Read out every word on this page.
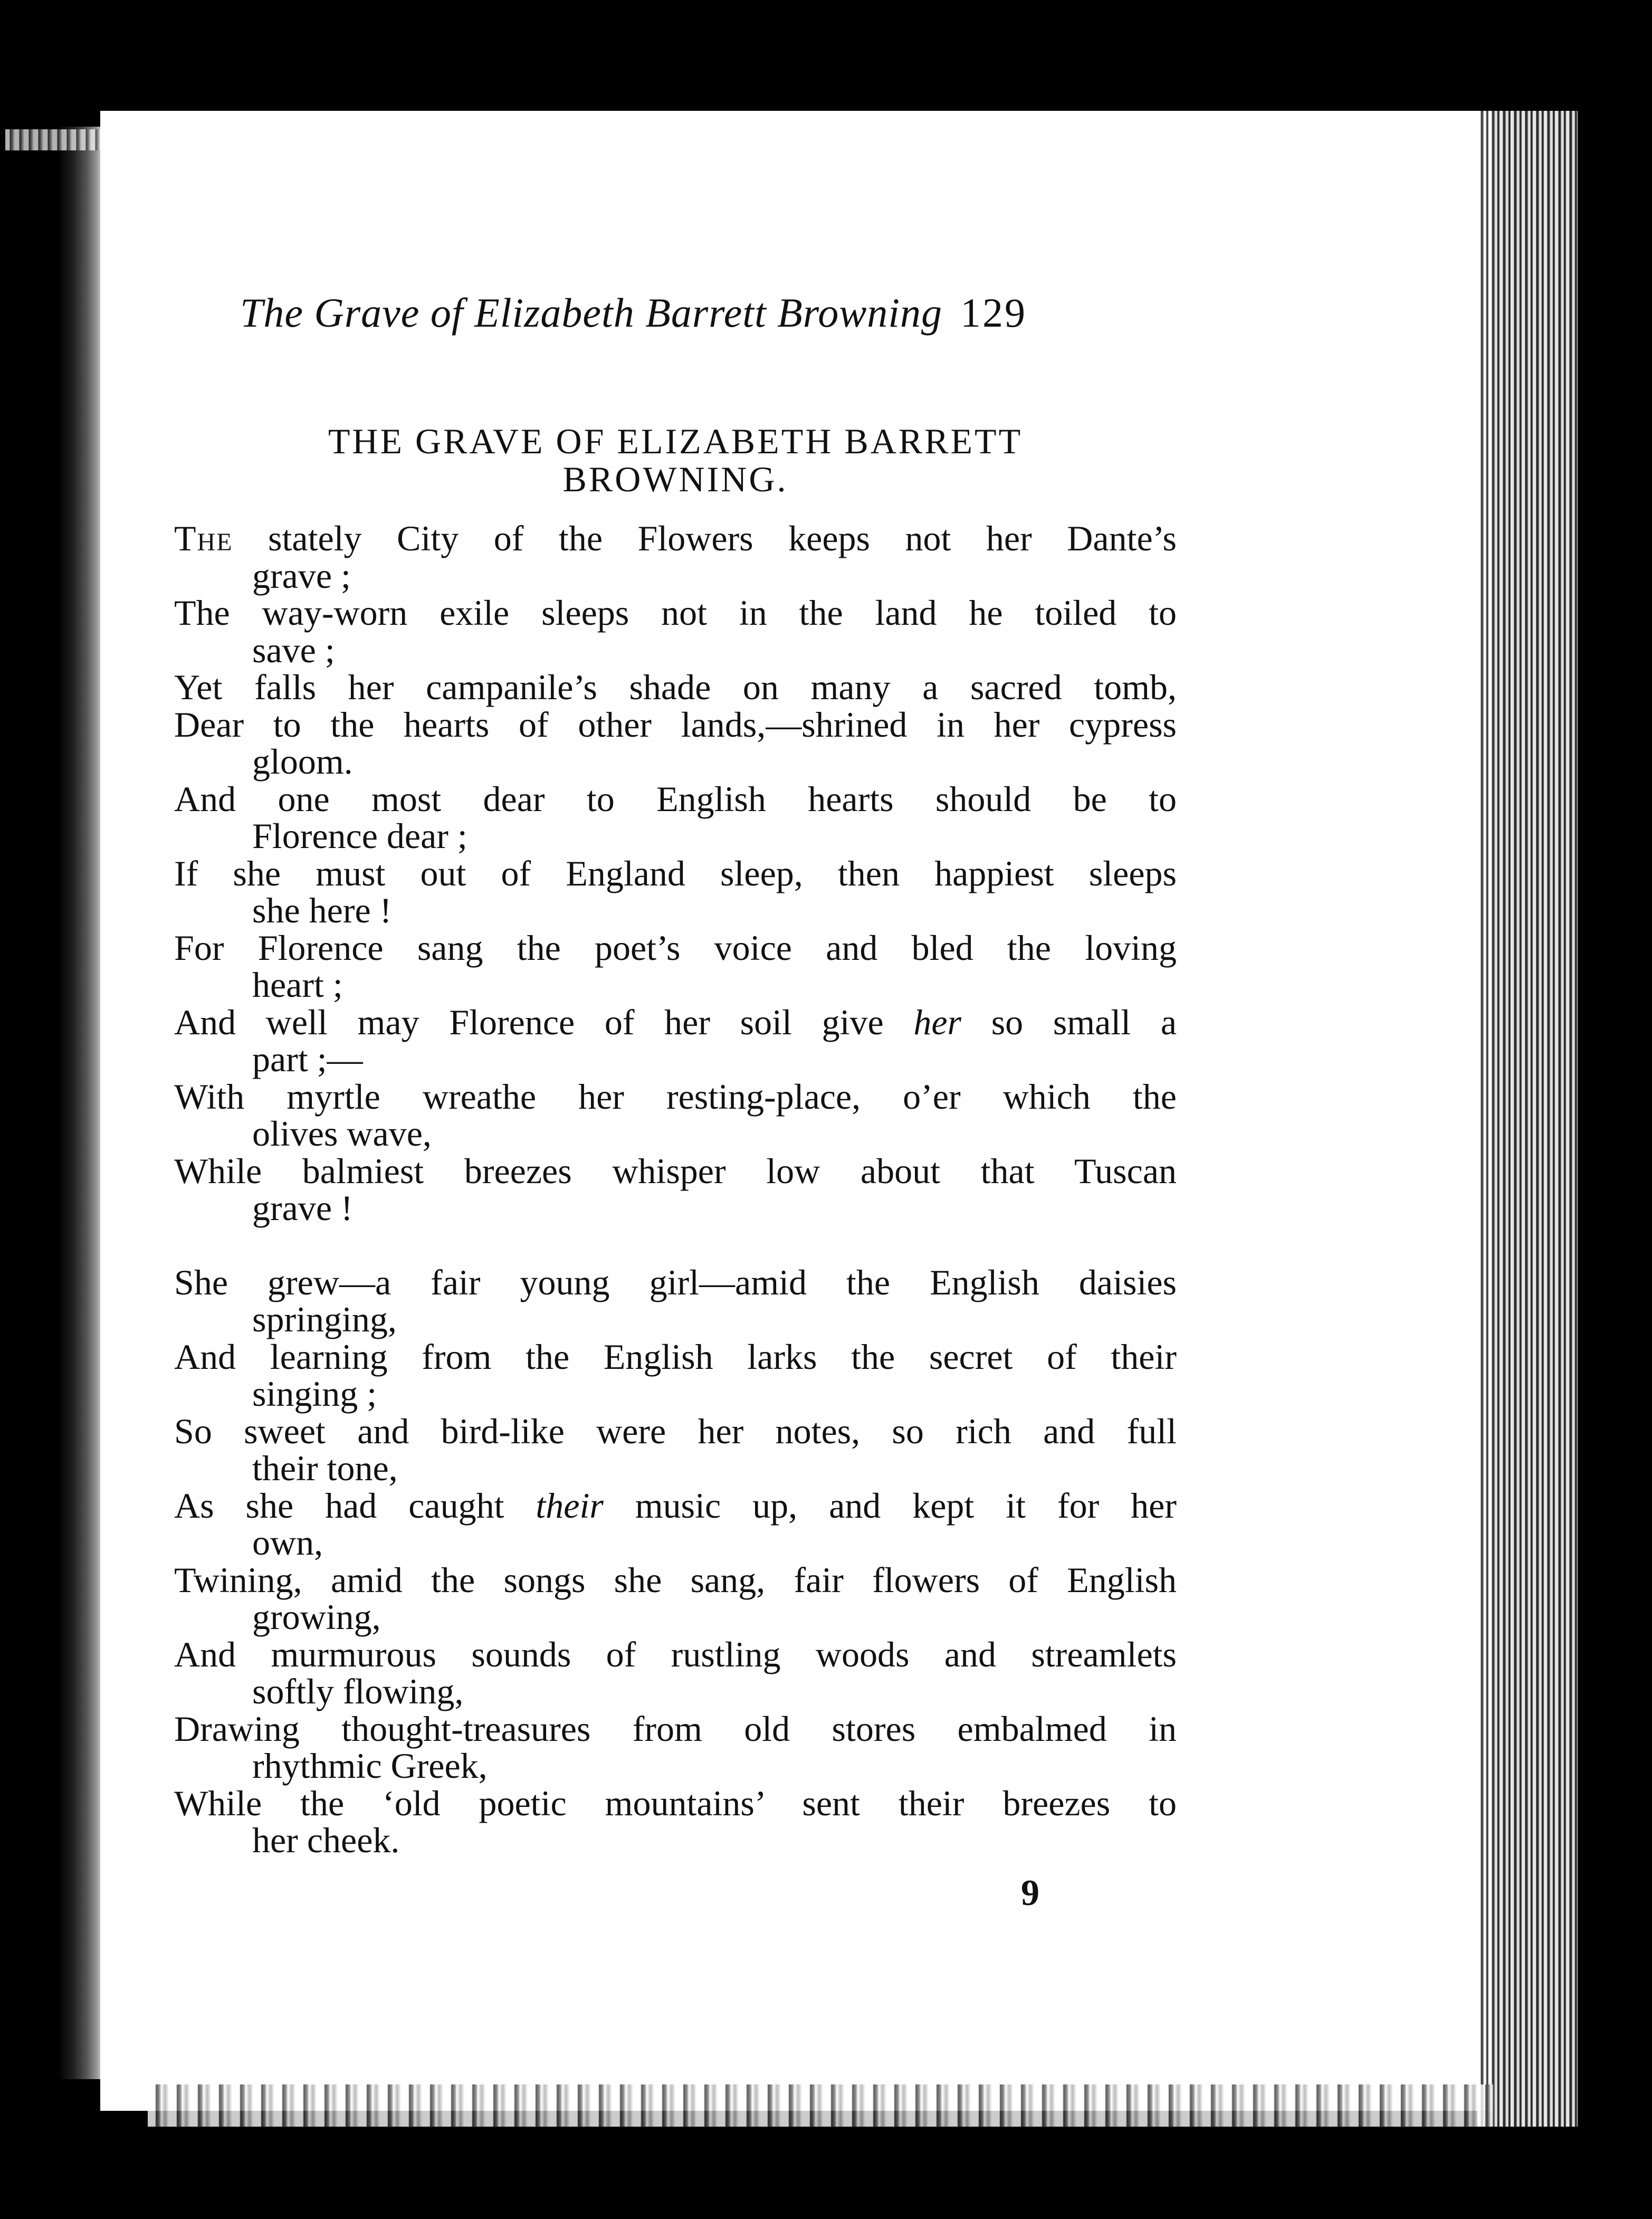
The Grave of Elizabeth Barrett Browning 129
THE GRAVE OF ELIZABETH BARRETT
BROWNING.
The stately City of the Flowers keeps not her Dante’s
grave ;
The way-worn exile sleeps not in the land he toiled to
save ;
Yet falls her campanile’s shade on many a sacred tomb,
Dear to the hearts of other lands,—shrined in her cypress
gloom.
And one most dear to English hearts should be to
Florence dear ;
If she must out of England sleep, then happiest sleeps
she here !
For Florence sang the poet’s voice and bled the loving
heart ;
And well may Florence of her soil give her so small a
part ;—
With myrtle wreathe her resting-place, o’er which the
olives wave,
While balmiest breezes whisper low about that Tuscan
grave !
She grew—a fair young girl—amid the English daisies
springing,
And learning from the English larks the secret of their
singing ;
So sweet and bird-like were her notes, so rich and full
their tone,
As she had caught their music up, and kept it for her
own,
Twining, amid the songs she sang, fair flowers of English
growing,
And murmurous sounds of rustling woods and streamlets
softly flowing,
Drawing thought-treasures from old stores embalmed in
rhythmic Greek,
While the ‘old poetic mountains’ sent their breezes to
her cheek.
9
